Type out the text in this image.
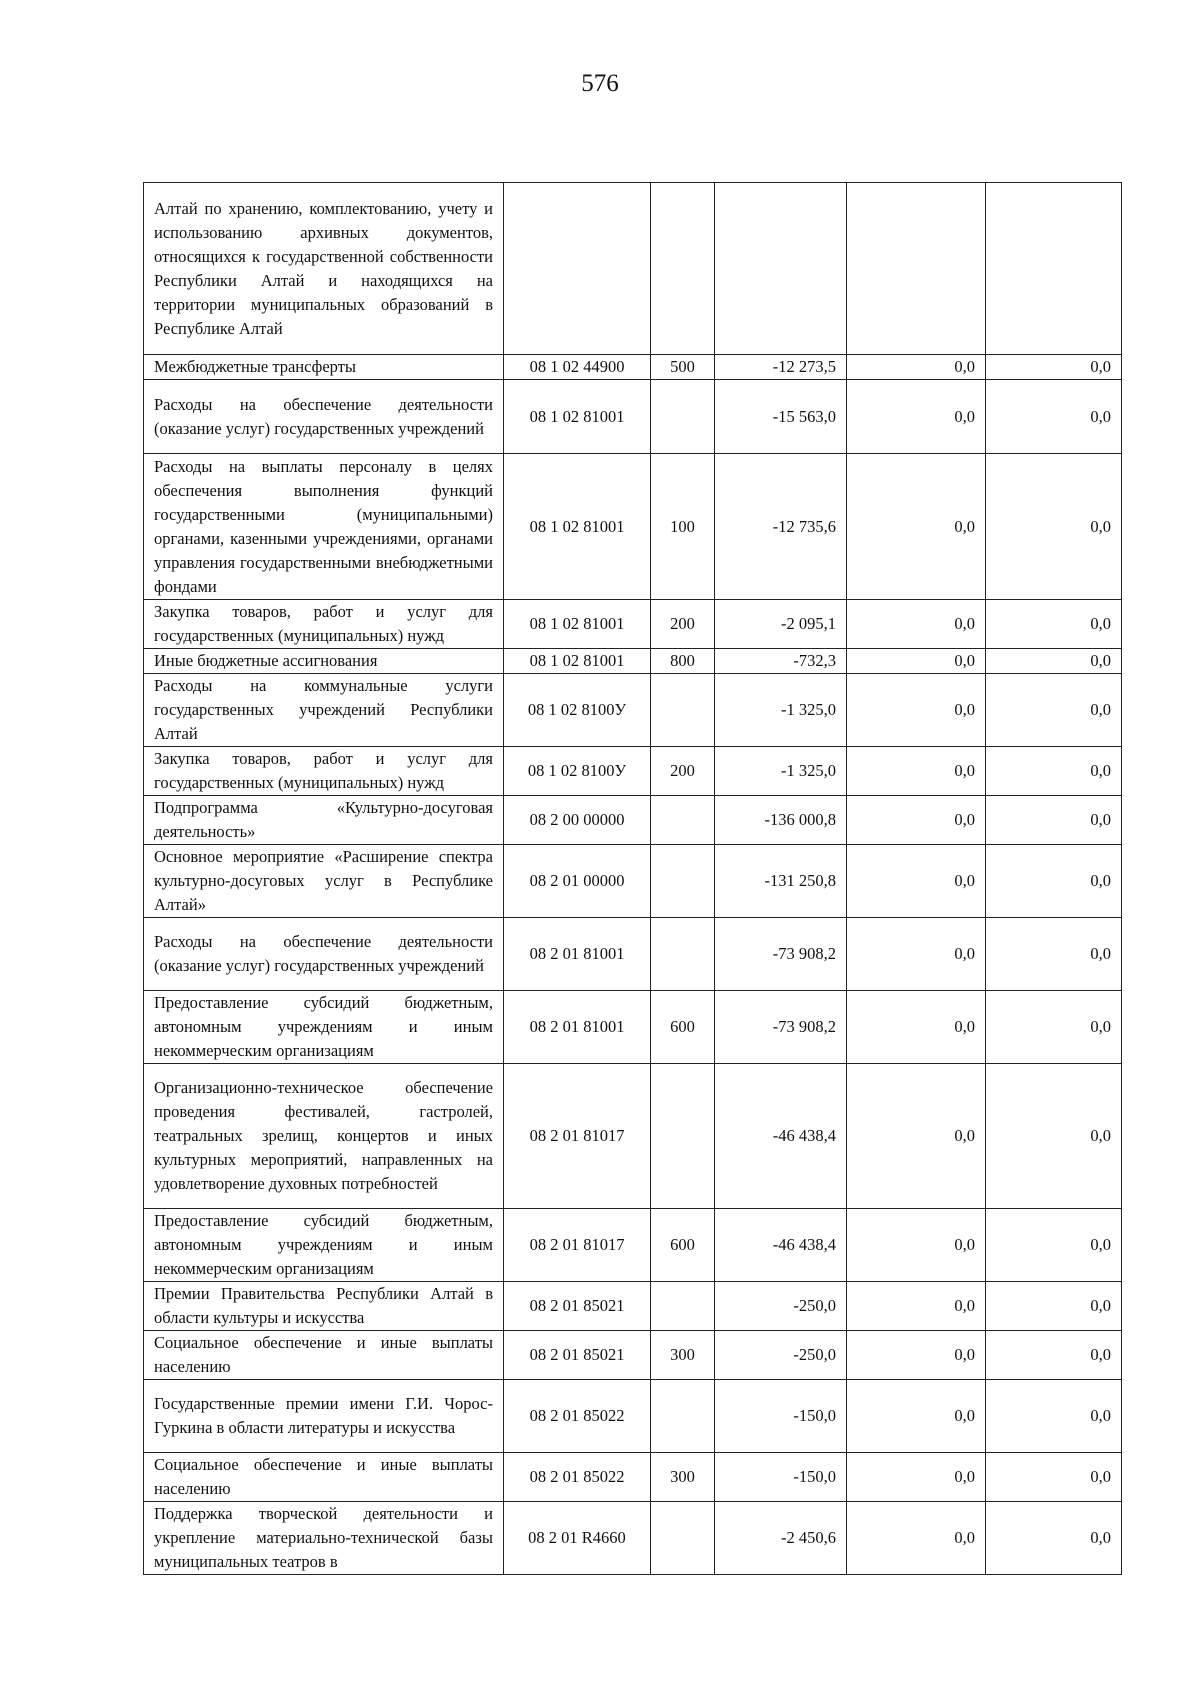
576
Алтай по хранению, комплектованию, учету и использованию архивных документов, относящихся к государственной собственности Республики Алтай и находящихся на территории муниципальных образований в Республике Алтай					
Межбюджетные трансферты	08 1 02 44900	500	-12 273,5	0,0	0,0
Расходы на обеспечение деятельности (оказание услуг) государственных учреждений	08 1 02 81001		-15 563,0	0,0	0,0
Расходы на выплаты персоналу в целях обеспечения выполнения функций государственными (муниципальными) органами, казенными учреждениями, органами управления государственными внебюджетными фондами	08 1 02 81001	100	-12 735,6	0,0	0,0
Закупка товаров, работ и услуг для государственных (муниципальных) нужд	08 1 02 81001	200	-2 095,1	0,0	0,0
Иные бюджетные ассигнования	08 1 02 81001	800	-732,3	0,0	0,0
Расходы на коммунальные услуги государственных учреждений Республики Алтай	08 1 02 8100У		-1 325,0	0,0	0,0
Закупка товаров, работ и услуг для государственных (муниципальных) нужд	08 1 02 8100У	200	-1 325,0	0,0	0,0
Подпрограмма «Культурно-досуговая деятельность»	08 2 00 00000		-136 000,8	0,0	0,0
Основное мероприятие «Расширение спектра культурно-досуговых услуг в Республике Алтай»	08 2 01 00000		-131 250,8	0,0	0,0
Расходы на обеспечение деятельности (оказание услуг) государственных учреждений	08 2 01 81001		-73 908,2	0,0	0,0
Предоставление субсидий бюджетным, автономным учреждениям и иным некоммерческим организациям	08 2 01 81001	600	-73 908,2	0,0	0,0
Организационно-техническое обеспечение проведения фестивалей, гастролей, театральных зрелищ, концертов и иных культурных мероприятий, направленных на удовлетворение духовных потребностей	08 2 01 81017		-46 438,4	0,0	0,0
Предоставление субсидий бюджетным, автономным учреждениям и иным некоммерческим организациям	08 2 01 81017	600	-46 438,4	0,0	0,0
Премии Правительства Республики Алтай в области культуры и искусства	08 2 01 85021		-250,0	0,0	0,0
Социальное обеспечение и иные выплаты населению	08 2 01 85021	300	-250,0	0,0	0,0
Государственные премии имени Г.И. Чорос-Гуркина в области литературы и искусства	08 2 01 85022		-150,0	0,0	0,0
Социальное обеспечение и иные выплаты населению	08 2 01 85022	300	-150,0	0,0	0,0
Поддержка творческой деятельности и укрепление материально-технической базы муниципальных театров в	08 2 01 R4660		-2 450,6	0,0	0,0
